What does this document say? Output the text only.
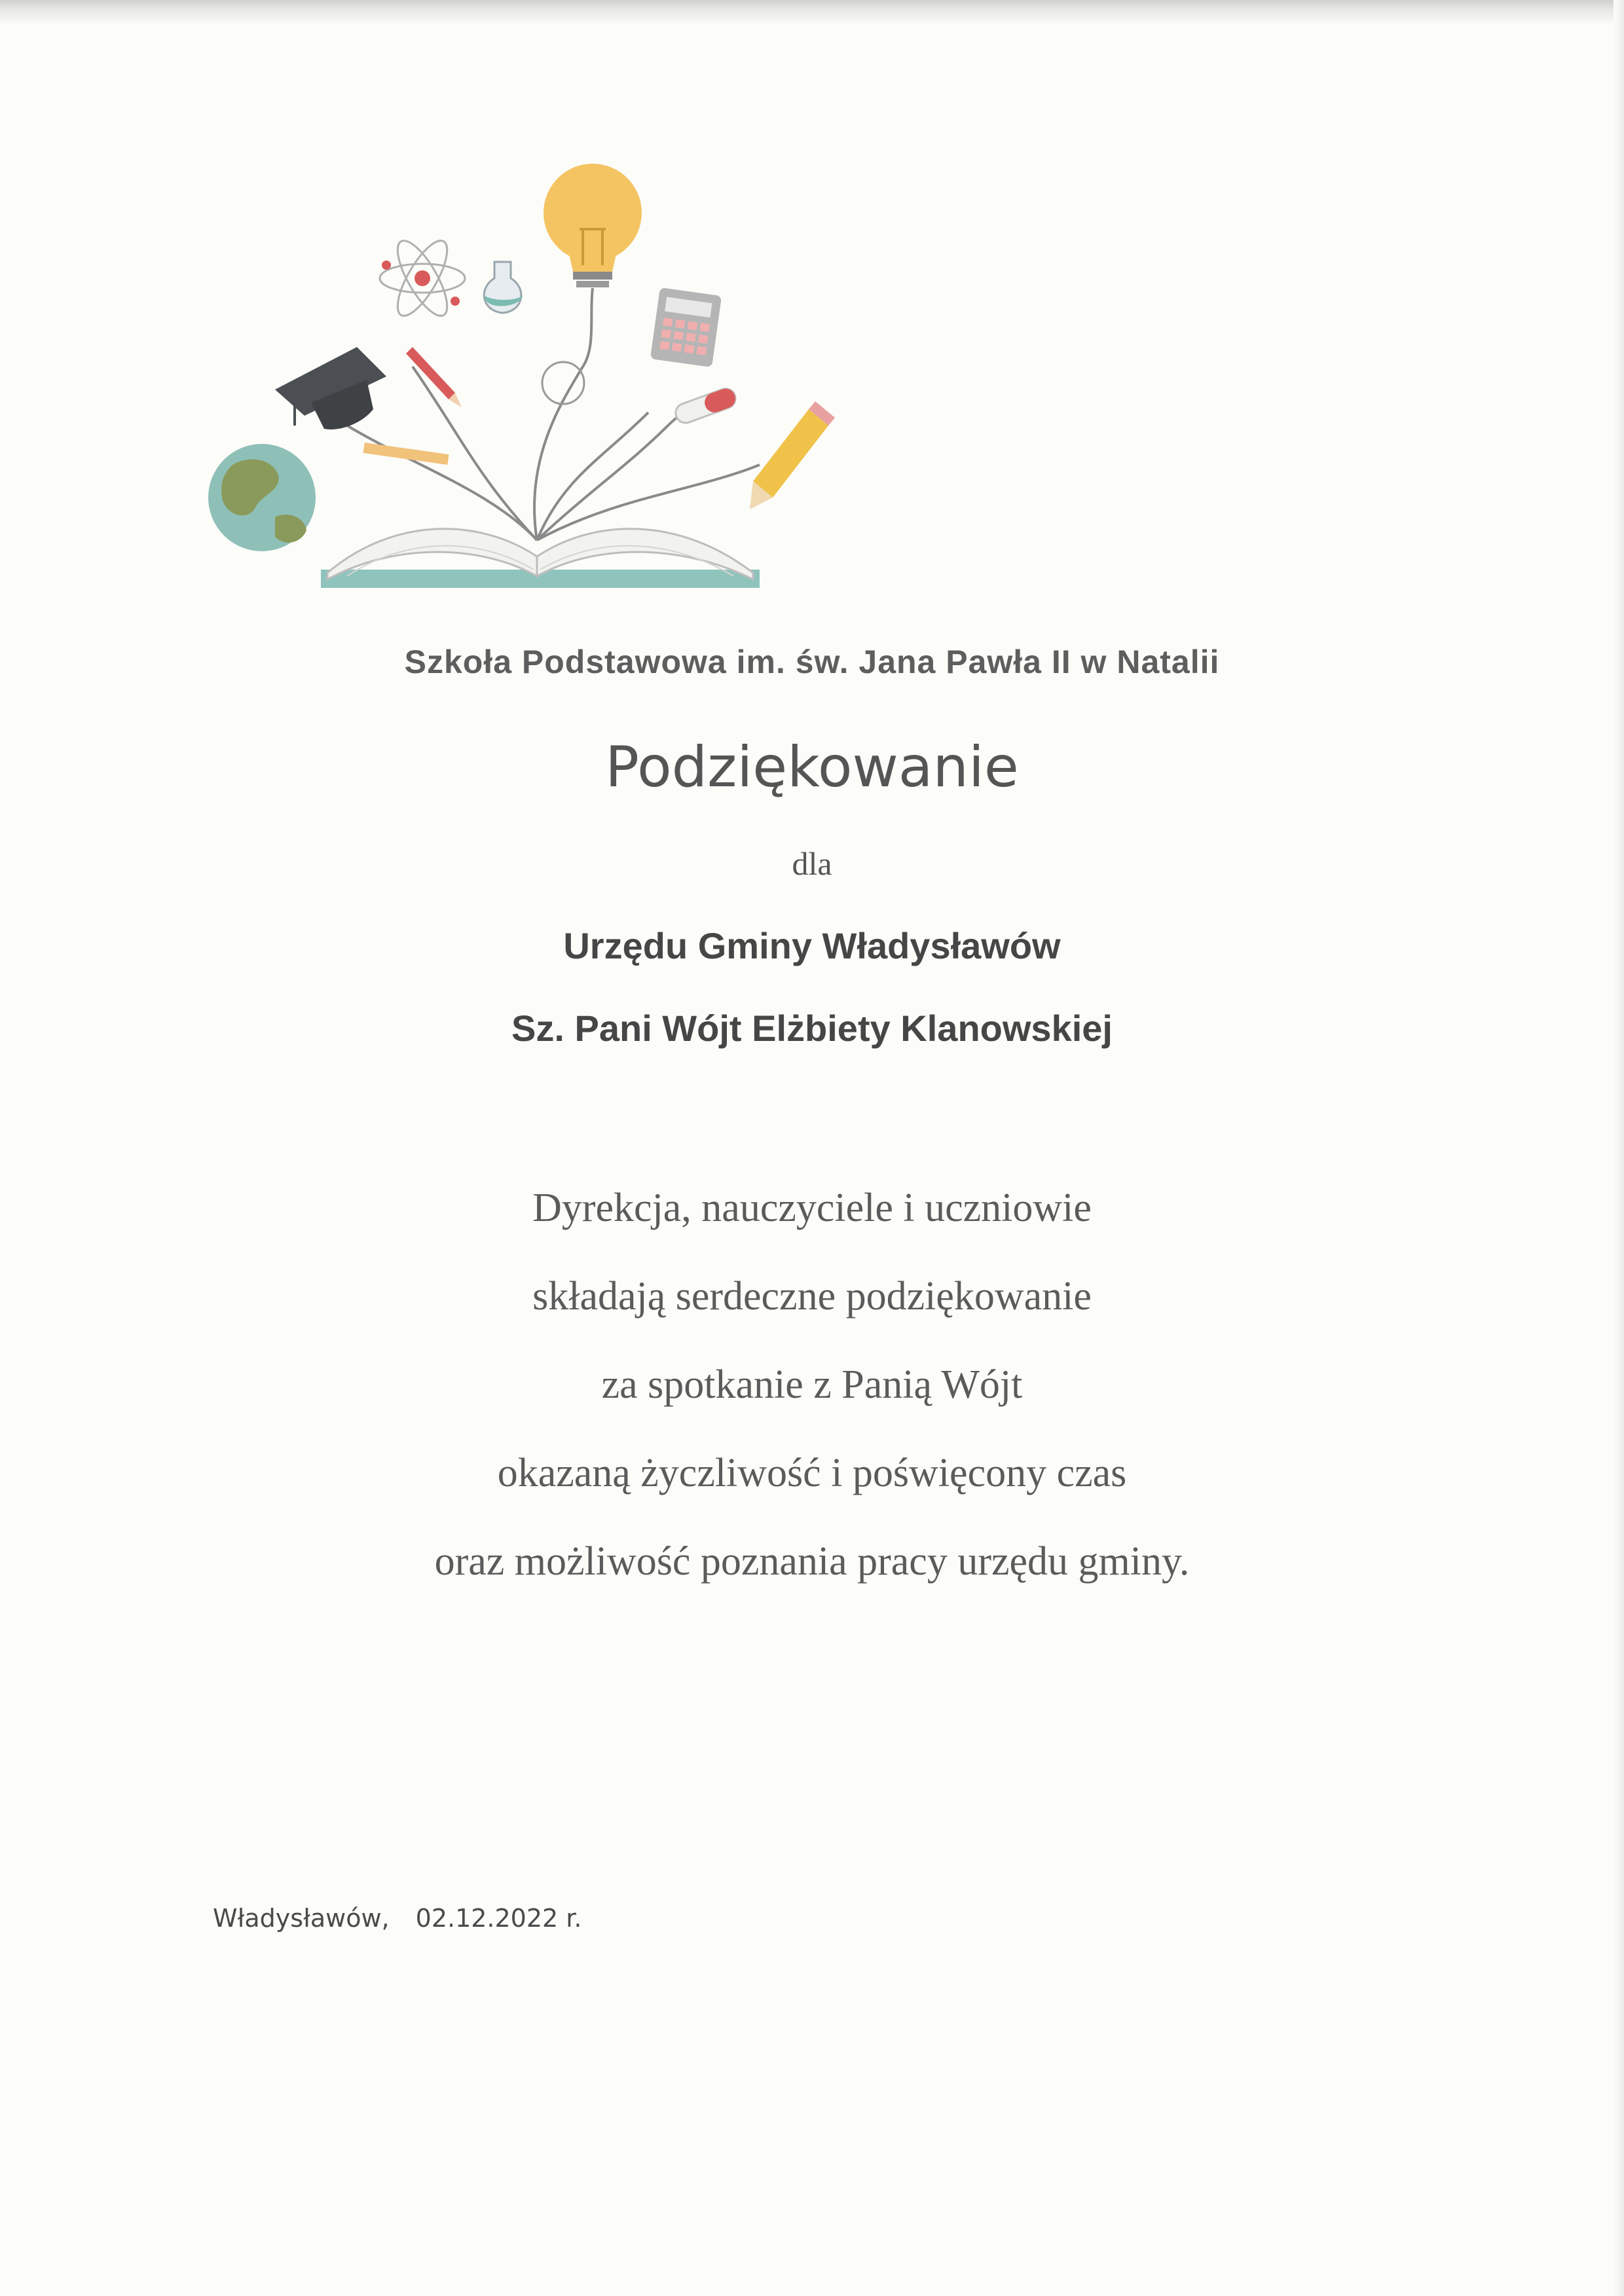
Szkoła Podstawowa im. św. Jana Pawła II w Natalii
Podziękowanie
dla
Urzędu Gminy Władysławów
Sz. Pani Wójt Elżbiety Klanowskiej
Dyrekcja, nauczyciele i uczniowie
składają serdeczne podziękowanie
za spotkanie z Panią Wójt
okazaną życzliwość i poświęcony czas
oraz możliwość poznania pracy urzędu gminy.
Władysławów, 02.12.2022 r.
